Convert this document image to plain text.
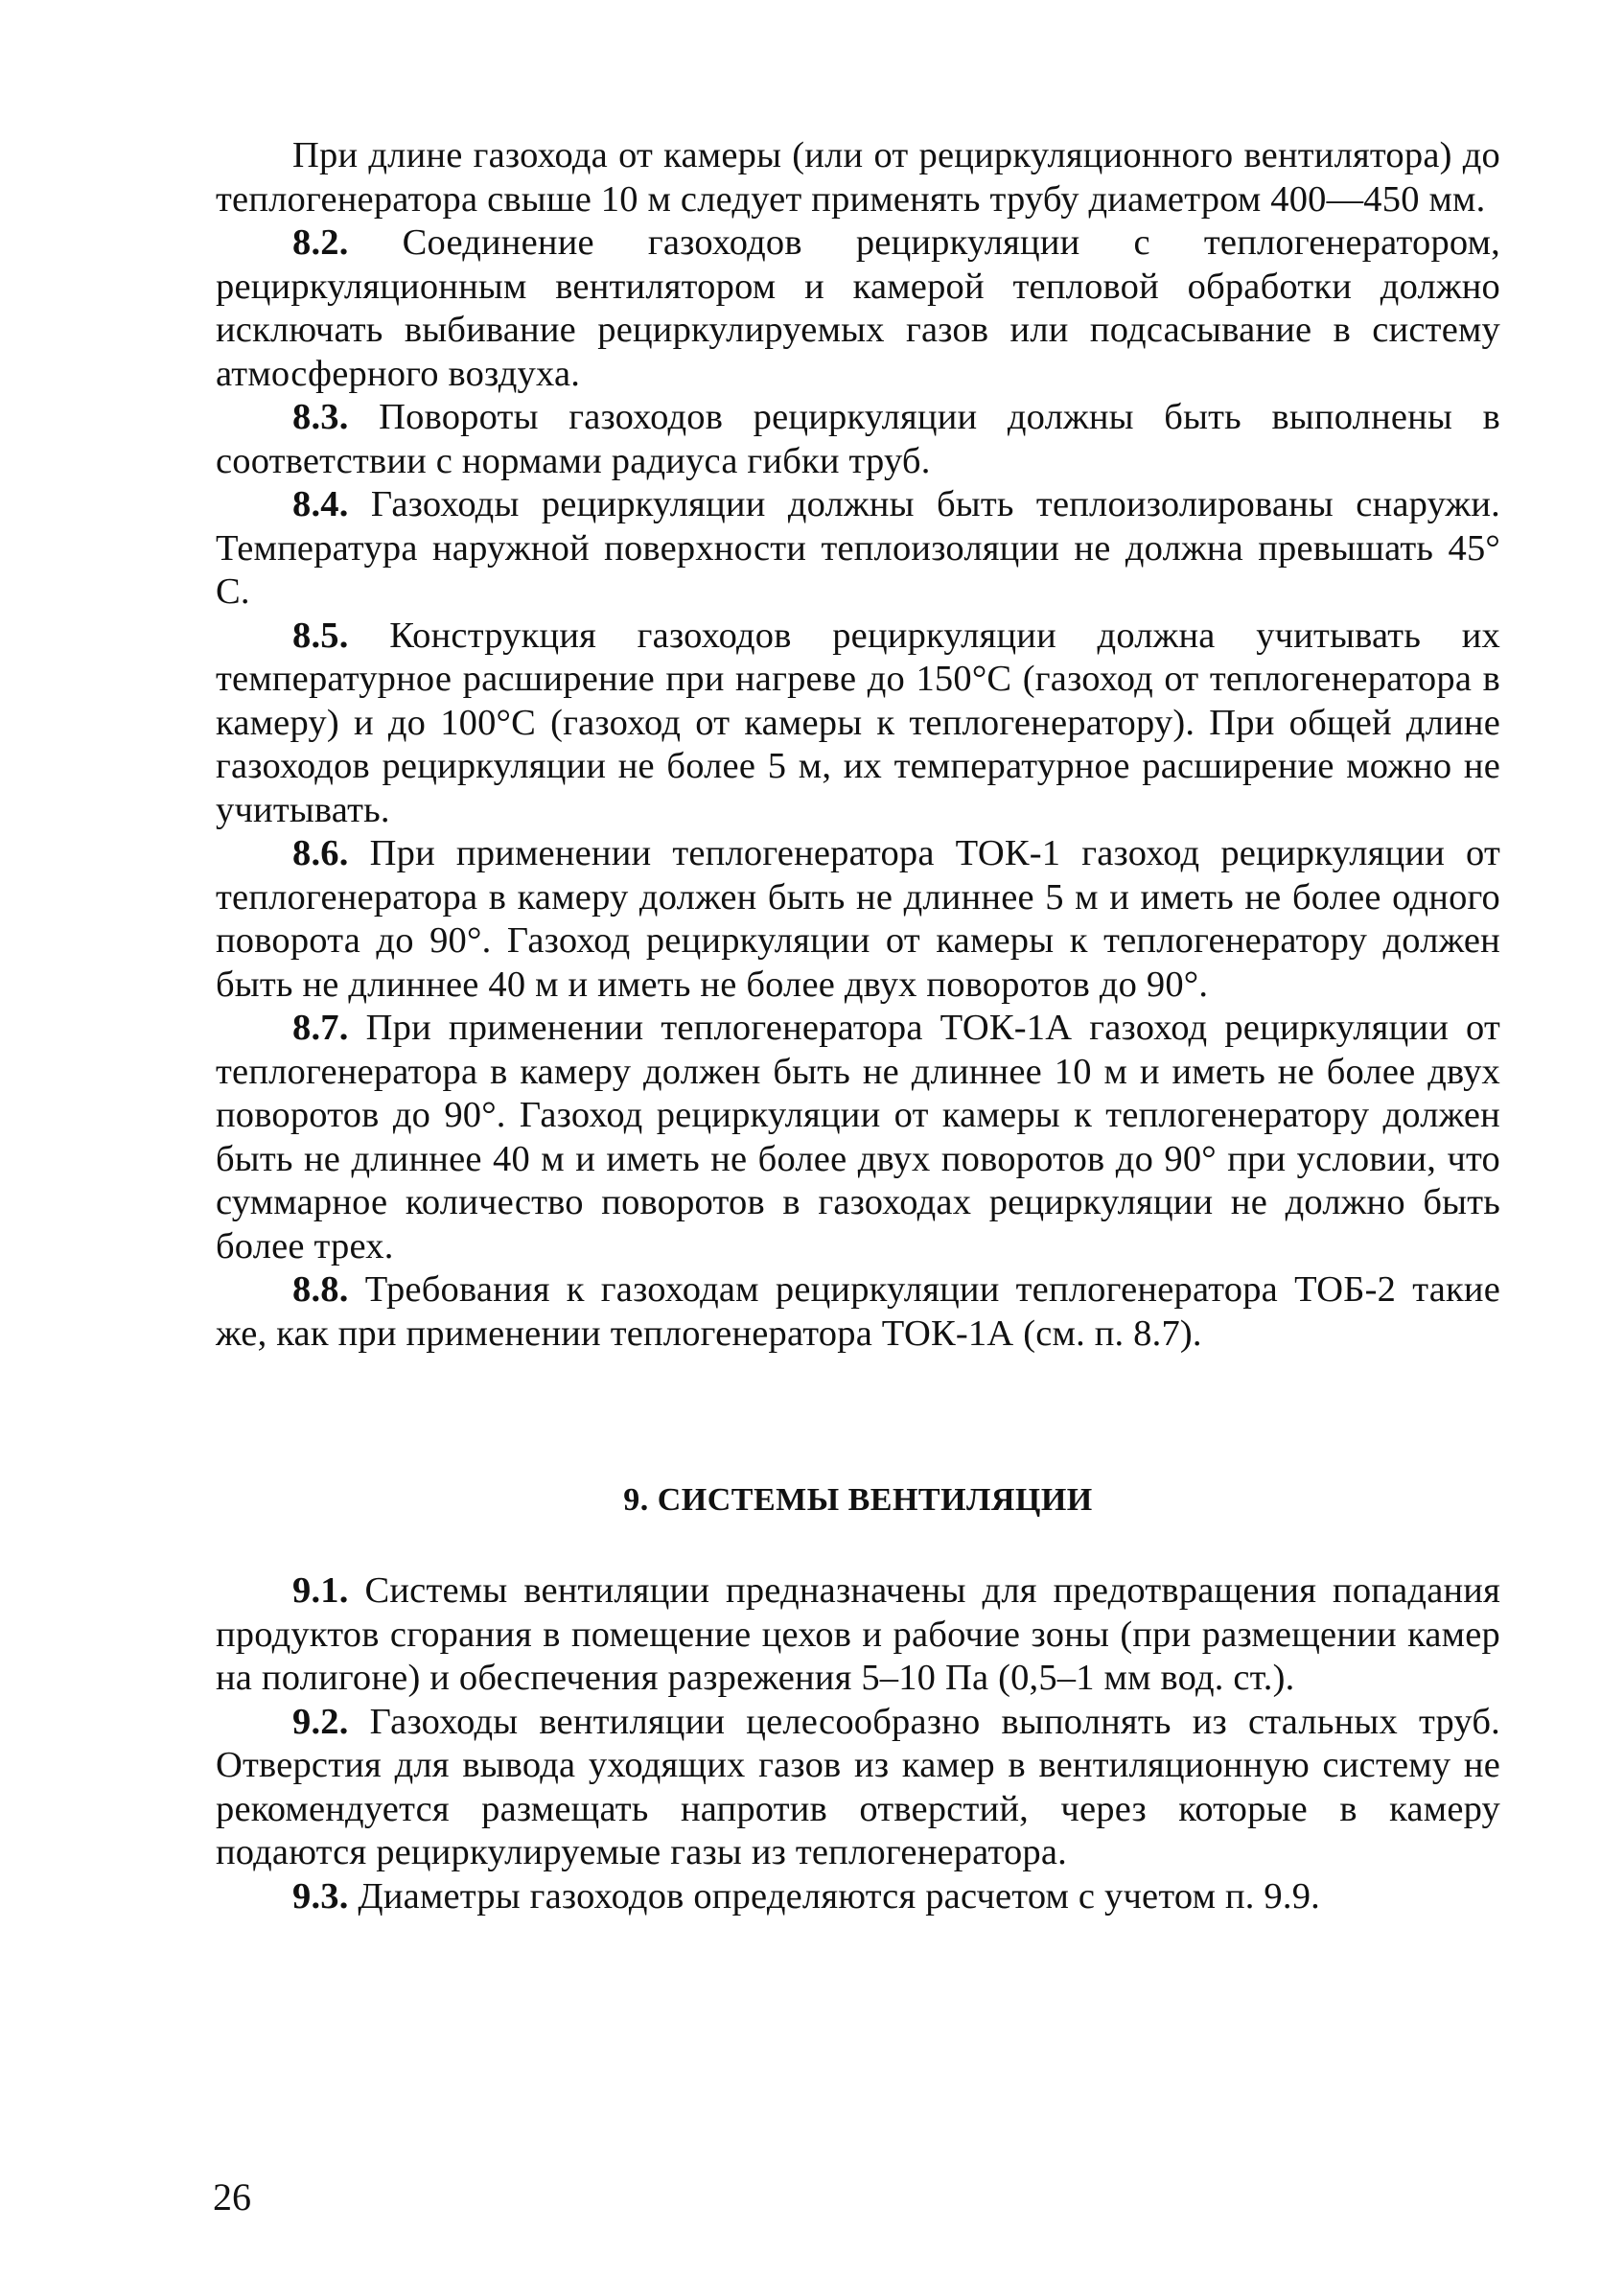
При длине газохода от камеры (или от рециркуляционного вентилятора) до теплогенератора свыше 10 м следует применять трубу диаметром 400—450 мм.

8.2. Соединение газоходов рециркуляции с теплогенератором, рециркуляционным вентилятором и камерой тепловой обработки должно исключать выбивание рециркулируемых газов или подсасывание в систему атмосферного воздуха.

8.3. Повороты газоходов рециркуляции должны быть выполнены в соответствии с нормами радиуса гибки труб.

8.4. Газоходы рециркуляции должны быть теплоизолированы снаружи. Температура наружной поверхности теплоизоляции не должна превышать 45° С.

8.5. Конструкция газоходов рециркуляции должна учитывать их температурное расширение при нагреве до 150°С (газоход от теплогенератора в камеру) и до 100°С (газоход от камеры к теплогенератору). При общей длине газоходов рециркуляции не более 5 м, их температурное расширение можно не учитывать.

8.6. При применении теплогенератора ТОК-1 газоход рециркуляции от теплогенератора в камеру должен быть не длиннее 5 м и иметь не более одного поворота до 90°. Газоход рециркуляции от камеры к теплогенератору должен быть не длиннее 40 м и иметь не более двух поворотов до 90°.

8.7. При применении теплогенератора ТОК-1А газоход рециркуляции от теплогенератора в камеру должен быть не длиннее 10 м и иметь не более двух поворотов до 90°. Газоход рециркуляции от камеры к теплогенератору должен быть не длиннее 40 м и иметь не более двух поворотов до 90° при условии, что суммарное количество поворотов в газоходах рециркуляции не должно быть более трех.

8.8. Требования к газоходам рециркуляции теплогенератора ТОБ-2 такие же, как при применении теплогенератора ТОК-1А (см. п. 8.7).

9. СИСТЕМЫ ВЕНТИЛЯЦИИ

9.1. Системы вентиляции предназначены для предотвращения попадания продуктов сгорания в помещение цехов и рабочие зоны (при размещении камер на полигоне) и обеспечения разрежения 5–10 Па (0,5–1 мм вод. ст.).

9.2. Газоходы вентиляции целесообразно выполнять из стальных труб. Отверстия для вывода уходящих газов из камер в вентиляционную систему не рекомендуется размещать напротив отверстий, через которые в камеру подаются рециркулируемые газы из теплогенератора.

9.3. Диаметры газоходов определяются расчетом с учетом п. 9.9.

26
